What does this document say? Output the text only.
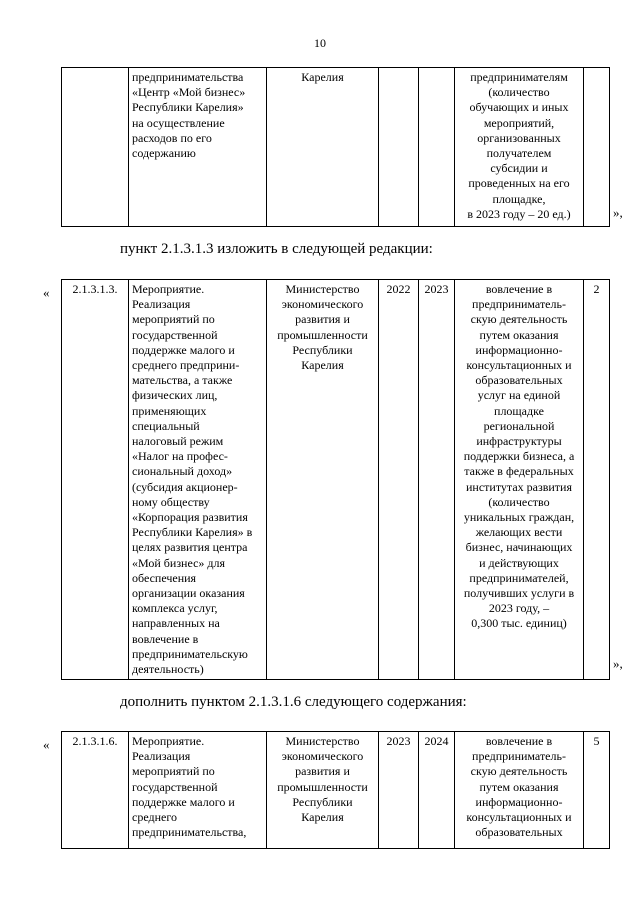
10
	предпринимательства
«Центр «Мой бизнес»
Республики Карелия»
на осуществление
расходов по его
содержанию	Карелия			предпринимателям
(количество
обучающих и иных
мероприятий,
организованных
получателем
субсидии и
проведенных на его
площадке,
в 2023 году – 20 ед.)		»,
пункт 2.1.3.1.3 изложить в следующей редакции:
« 2.1.3.1.3.	Мероприятие.
Реализация
мероприятий по
государственной
поддержке малого и
среднего предприни-
мательства, а также
физических лиц,
применяющих
специальный
налоговый режим
«Налог на профес-
сиональный доход»
(субсидия акционер-
ному обществу
«Корпорация развития
Республики Карелия» в
целях развития центра
«Мой бизнес» для
обеспечения
организации оказания
комплекса услуг,
направленных на
вовлечение в
предпринимательскую
деятельность)	Министерство
экономического
развития и
промышленности
Республики
Карелия	2022	2023	вовлечение в
предприниматель-
скую деятельность
путем оказания
информационно-
консультационных и
образовательных
услуг на единой
площадке
региональной
инфраструктуры
поддержки бизнеса, а
также в федеральных
институтах развития
(количество
уникальных граждан,
желающих вести
бизнес, начинающих
и действующих
предпринимателей,
получивших услуги в
2023 году, –
0,300 тыс. единиц)	2
»,
дополнить пунктом 2.1.3.1.6 следующего содержания:
« 2.1.3.1.6.	Мероприятие.
Реализация
мероприятий по
государственной
поддержке малого и
среднего
предпринимательства,	Министерство
экономического
развития и
промышленности
Республики
Карелия	2023	2024	вовлечение в
предприниматель-
скую деятельность
путем оказания
информационно-
консультационных и
образовательных	5
